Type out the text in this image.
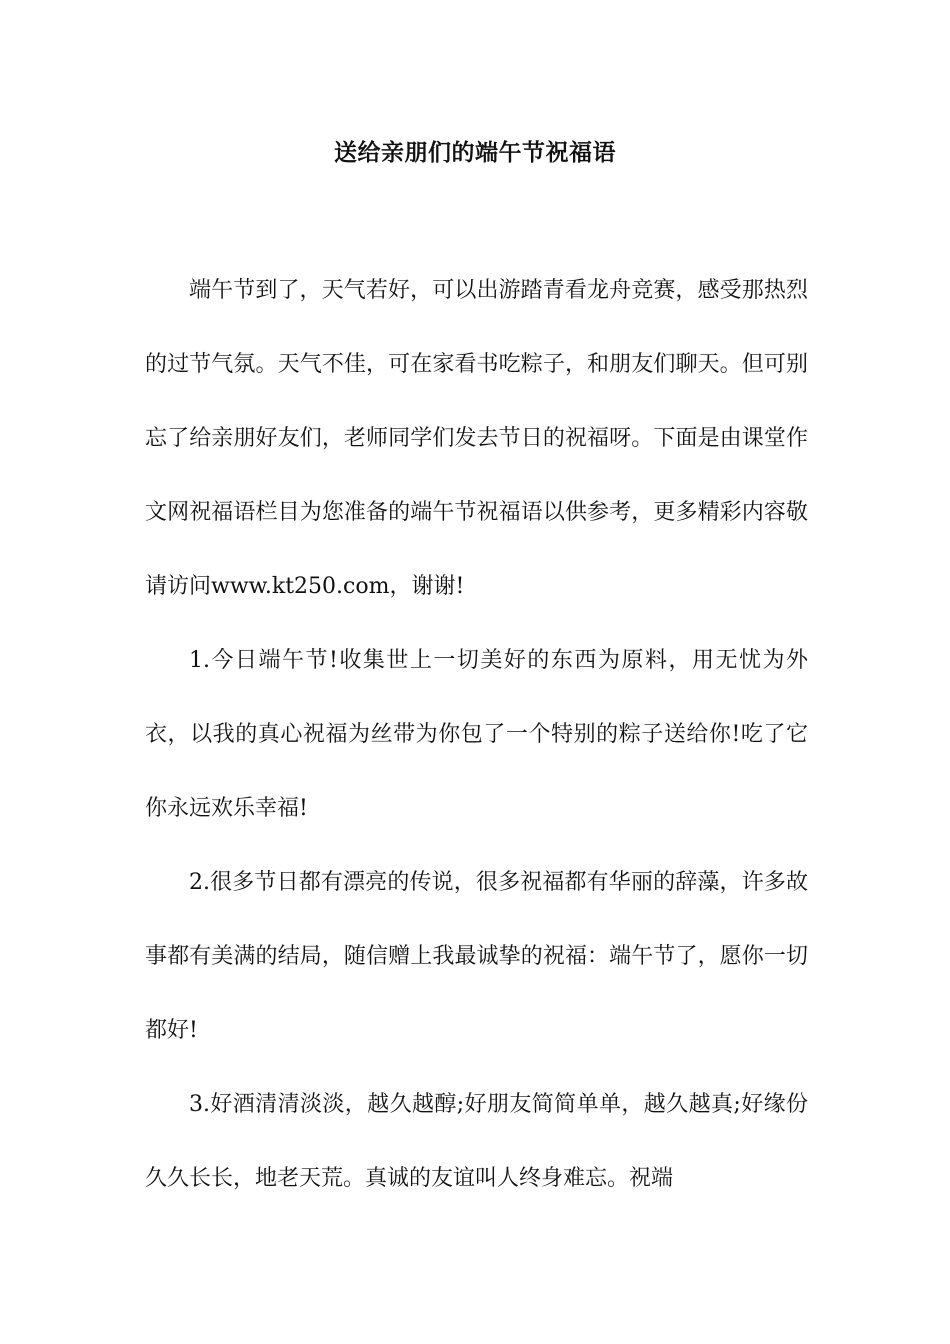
送给亲朋们的端午节祝福语

端午节到了，天气若好，可以出游踏青看龙舟竞赛，感受那热烈的过节气氛。天气不佳，可在家看书吃粽子，和朋友们聊天。但可别忘了给亲朋好友们，老师同学们发去节日的祝福呀。下面是由课堂作文网祝福语栏目为您准备的端午节祝福语以供参考，更多精彩内容敬请访问www.kt250.com，谢谢!

1.今日端午节!收集世上一切美好的东西为原料，用无忧为外衣，以我的真心祝福为丝带为你包了一个特别的粽子送给你!吃了它你永远欢乐幸福!

2.很多节日都有漂亮的传说，很多祝福都有华丽的辞藻，许多故事都有美满的结局，随信赠上我最诚挚的祝福：端午节了，愿你一切都好!

3.好酒清清淡淡，越久越醇;好朋友简简单单，越久越真;好缘份久久长长，地老天荒。真诚的友谊叫人终身难忘。祝端
